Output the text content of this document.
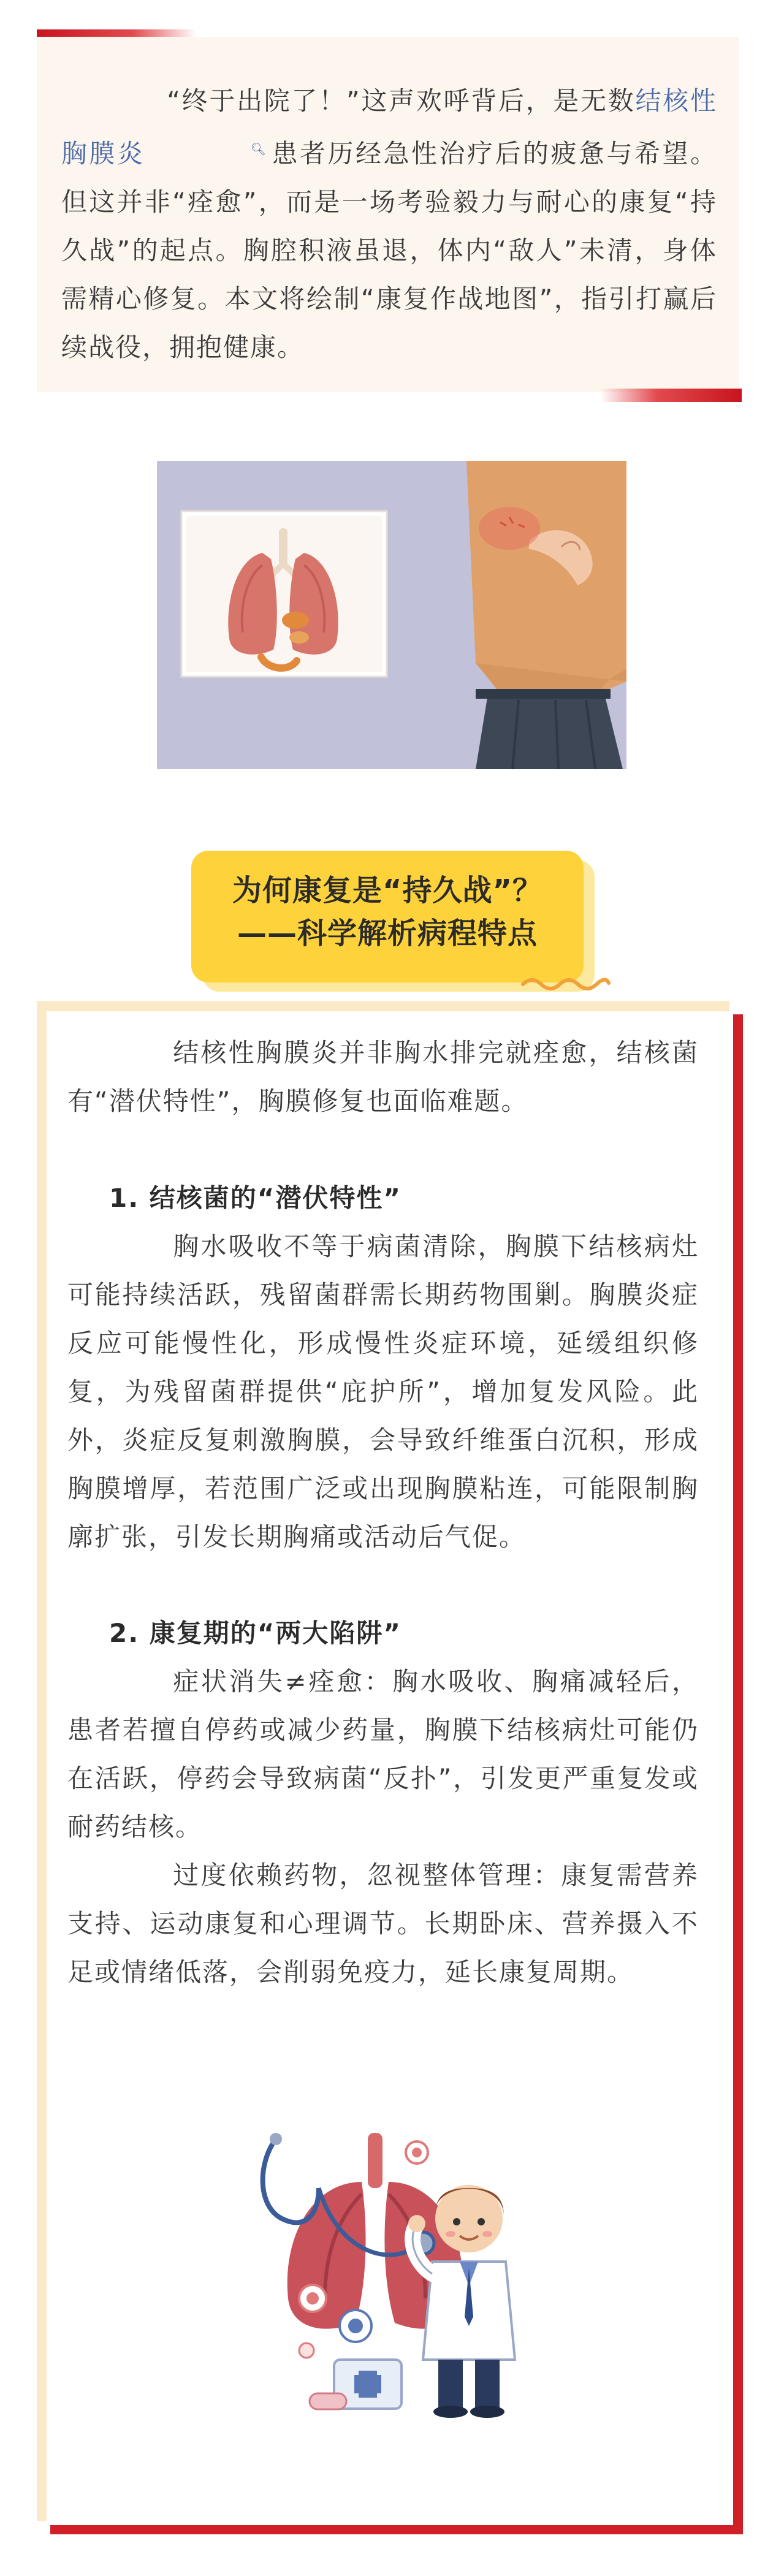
“终于出院了！”这声欢呼背后，是无数结核性胸膜炎	🔍︎ 患者历经急性治疗后的疲惫与希望。但这并非“痊愈”，而是一场考验毅力与耐心的康复“持久战”的起点。胸腔积液虽退，体内“敌人”未清，身体需精心修复。本文将绘制“康复作战地图”，指引打赢后续战役，拥抱健康。
为何康复是“持久战”？
——科学解析病程特点
结核性胸膜炎并非胸水排完就痊愈，结核菌有“潜伏特性”，胸膜修复也面临难题。
1. 结核菌的“潜伏特性”
胸水吸收不等于病菌清除，胸膜下结核病灶可能持续活跃，残留菌群需长期药物围剿。胸膜炎症反应可能慢性化，形成慢性炎症环境，延缓组织修复，为残留菌群提供“庇护所”，增加复发风险。此外，炎症反复刺激胸膜，会导致纤维蛋白沉积，形成胸膜增厚，若范围广泛或出现胸膜粘连，可能限制胸廓扩张，引发长期胸痛或活动后气促。
2. 康复期的“两大陷阱”
症状消失≠痊愈：胸水吸收、胸痛减轻后，患者若擅自停药或减少药量，胸膜下结核病灶可能仍在活跃，停药会导致病菌“反扑”，引发更严重复发或耐药结核。
过度依赖药物，忽视整体管理：康复需营养支持、运动康复和心理调节。长期卧床、营养摄入不足或情绪低落，会削弱免疫力，延长康复周期。
